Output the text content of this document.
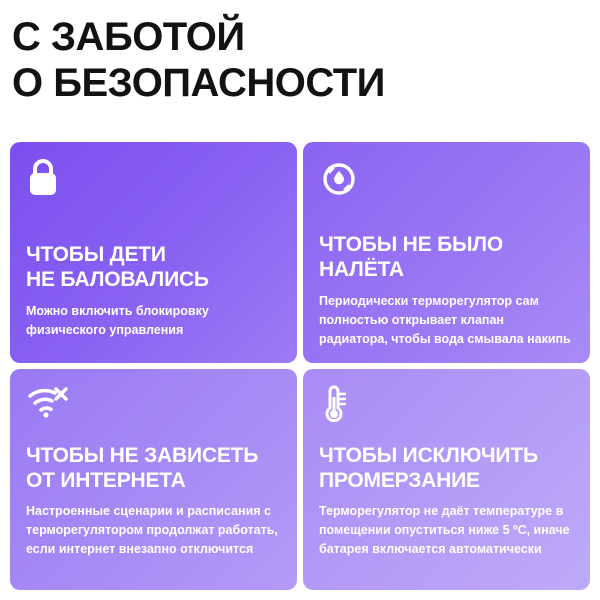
С ЗАБОТОЙ
О БЕЗОПАСНОСТИ
ЧТОБЫ ДЕТИ
НЕ БАЛОВАЛИСЬ
Можно включить блокировку физического управления
ЧТОБЫ НЕ БЫЛО
НАЛЁТА
Периодически терморегулятор сам полностью открывает клапан радиатора, чтобы вода смывала накипь
ЧТОБЫ НЕ ЗАВИСЕТЬ
ОТ ИНТЕРНЕТА
Настроенные сценарии и расписания с терморегулятором продолжат работать, если интернет внезапно отключится
ЧТОБЫ ИСКЛЮЧИТЬ
ПРОМЕРЗАНИЕ
Терморегулятор не даёт температуре в помещении опуститься ниже 5 ºC, иначе батарея включается автоматически
